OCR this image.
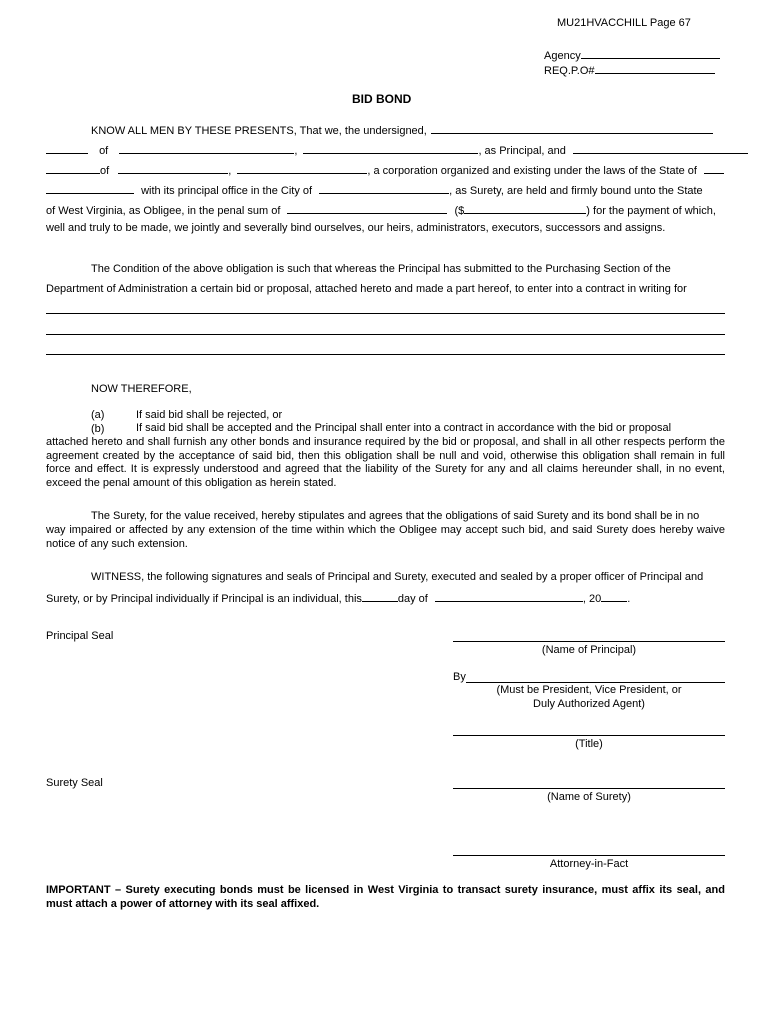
MU21HVACCHILL Page 67
Agency
REQ.P.O#
BID BOND
KNOW ALL MEN BY THESE PRESENTS, That we, the undersigned,
of	,	, as Principal, and
of	,	, a corporation organized and existing under the laws of the State of
with its principal office in the City of	, as Surety, are held and firmly bound unto the State
of West Virginia, as Obligee, in the penal sum of	($	) for the payment of which,
well and truly to be made, we jointly and severally bind ourselves, our heirs, administrators, executors, successors and assigns.
The Condition of the above obligation is such that whereas the Principal has submitted to the Purchasing Section of the
Department of Administration a certain bid or proposal, attached hereto and made a part hereof, to enter into a contract in writing for
NOW THEREFORE,
(a)	If said bid shall be rejected, or
(b)	If said bid shall be accepted and the Principal shall enter into a contract in accordance with the bid or proposal
attached hereto and shall furnish any other bonds and insurance required by the bid or proposal, and shall in all other respects perform the agreement created by the acceptance of said bid, then this obligation shall be null and void, otherwise this obligation shall remain in full force and effect. It is expressly understood and agreed that the liability of the Surety for any and all claims hereunder shall, in no event, exceed the penal amount of this obligation as herein stated.
The Surety, for the value received, hereby stipulates and agrees that the obligations of said Surety and its bond shall be in no
way impaired or affected by any extension of the time within which the Obligee may accept such bid, and said Surety does hereby waive notice of any such extension.
WITNESS, the following signatures and seals of Principal and Surety, executed and sealed by a proper officer of Principal and
Surety, or by Principal individually if Principal is an individual, this	day of	, 20 .
Principal Seal
(Name of Principal)
By
(Must be President, Vice President, or
Duly Authorized Agent)
(Title)
Surety Seal
(Name of Surety)
Attorney-in-Fact
IMPORTANT – Surety executing bonds must be licensed in West Virginia to transact surety insurance, must affix its seal, and must attach a power of attorney with its seal affixed.
